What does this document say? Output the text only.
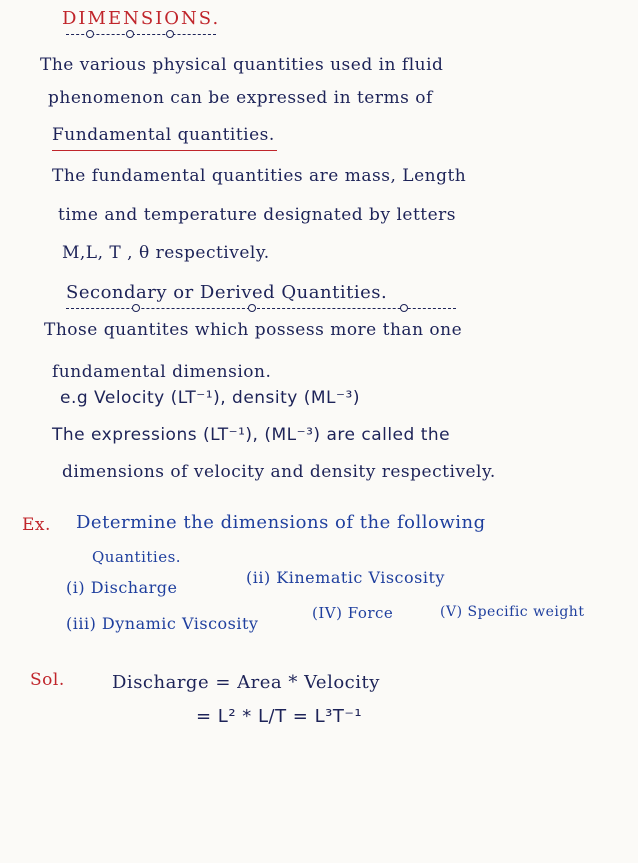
DIMENSIONS.
The various physical quantities used in fluid
phenomenon can be expressed in terms of
Fundamental quantities.
The fundamental quantities are mass, Length
time and temperature designated by letters
M,L, T , θ respectively.
Secondary or Derived Quantities.
Those quantites which possess more than one
fundamental dimension.
e.g Velocity (LT⁻¹), density (ML⁻³)
The expressions (LT⁻¹), (ML⁻³) are called the
dimensions of velocity and density respectively.
Ex. Determine the dimensions of the following
Quantities.
(i) Discharge
(ii) Kinematic Viscosity
(iii) Dynamic Viscosity
(IV) Force	(V) Specific weight
Sol.	Discharge = Area * Velocity
= L² * L/T = L³T⁻¹
